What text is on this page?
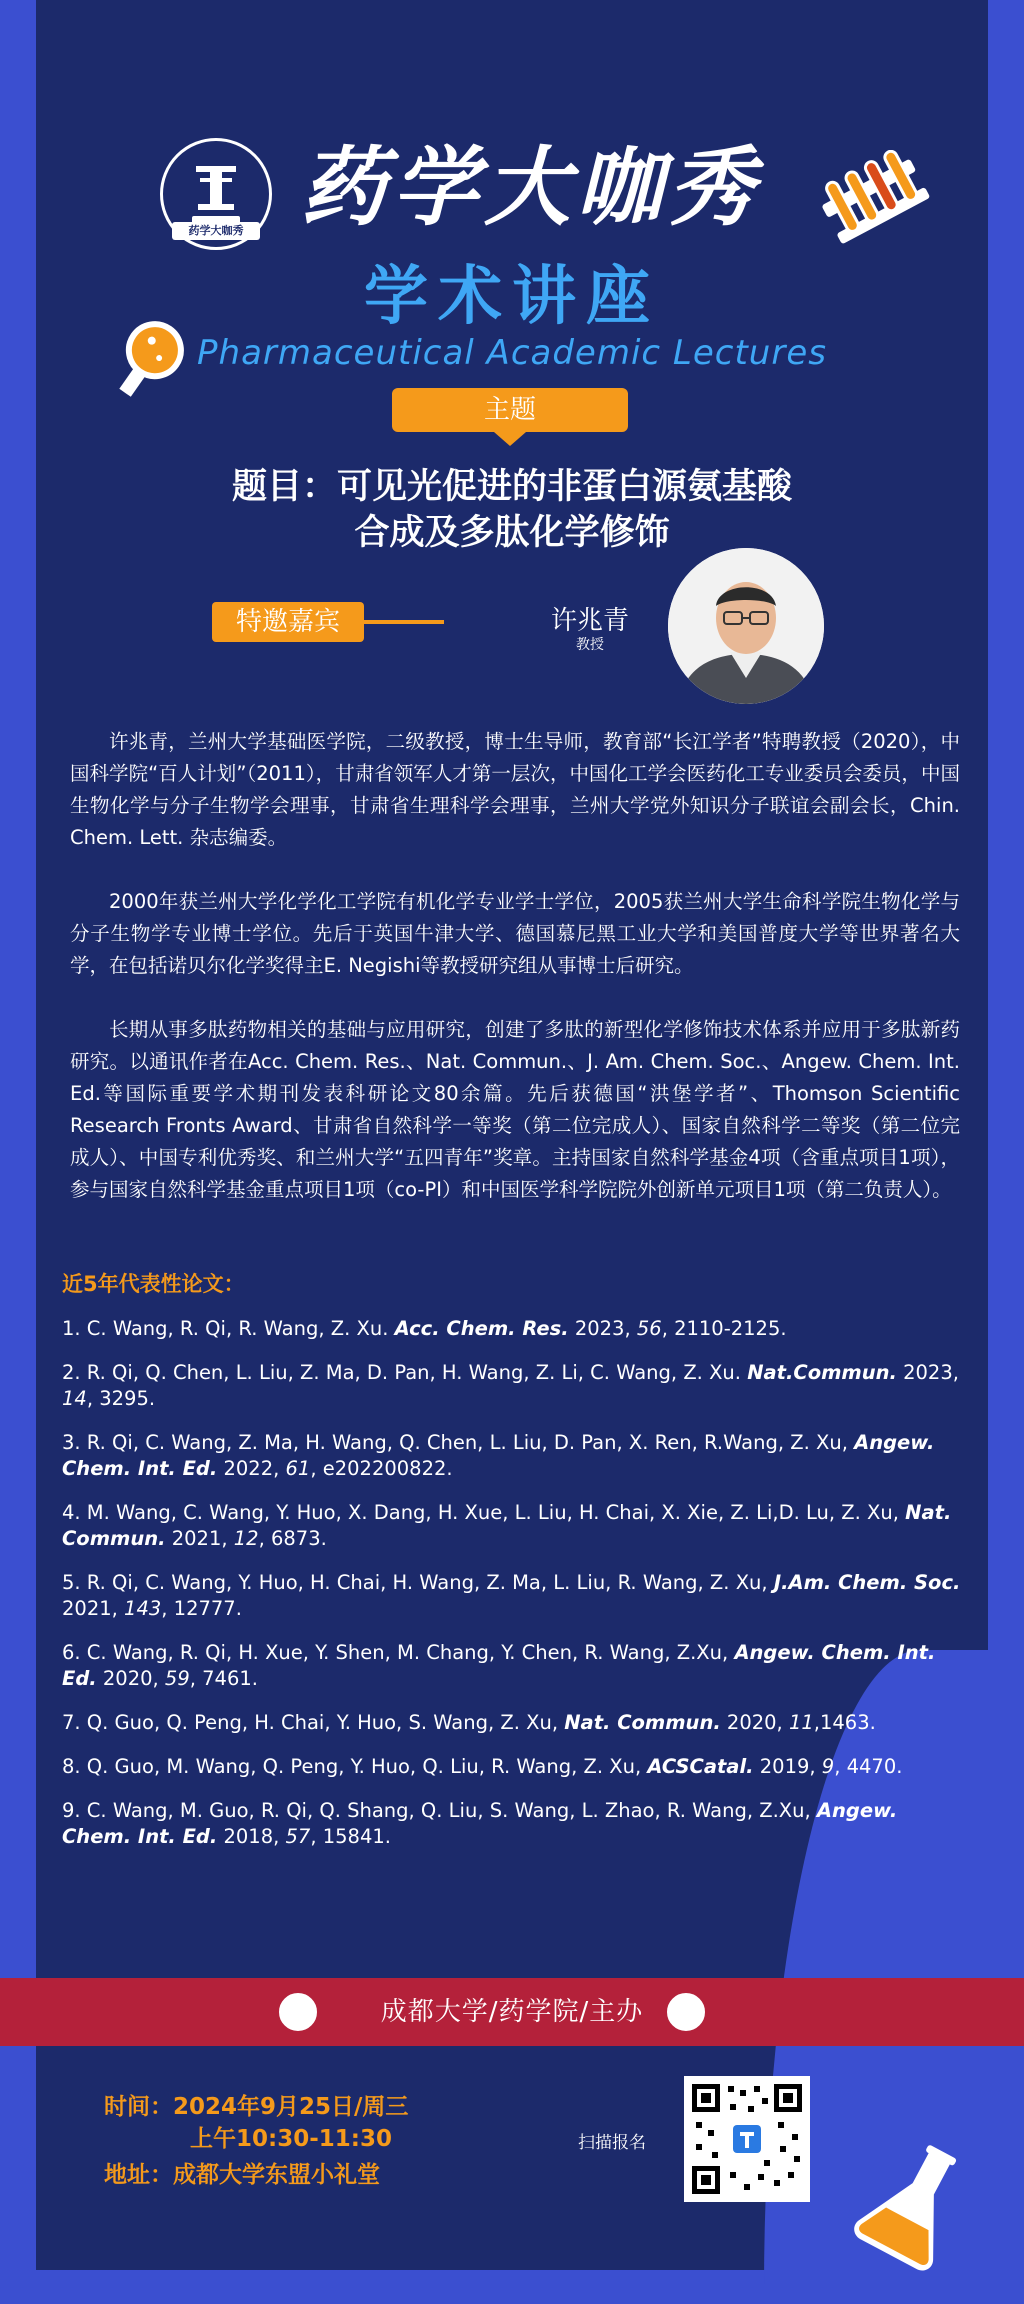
药学大咖秀 药学大咖秀
学术讲座
Pharmaceutical Academic Lectures
主题
题目：可见光促进的非蛋白源氨基酸
合成及多肽化学修饰
特邀嘉宾	许兆青
教授

许兆青，兰州大学基础医学院，二级教授，博士生导师，教育部“长江学者”特聘教授（2020），中国科学院“百人计划”（2011），甘肃省领军人才第一层次，中国化工学会医药化工专业委员会委员，中国生物化学与分子生物学会理事，甘肃省生理科学会理事，兰州大学党外知识分子联谊会副会长，Chin. Chem. Lett. 杂志编委。

2000年获兰州大学化学化工学院有机化学专业学士学位，2005获兰州大学生命科学院生物化学与分子生物学专业博士学位。先后于英国牛津大学、德国慕尼黑工业大学和美国普度大学等世界著名大学，在包括诺贝尔化学奖得主E. Negishi等教授研究组从事博士后研究。

长期从事多肽药物相关的基础与应用研究，创建了多肽的新型化学修饰技术体系并应用于多肽新药研究。以通讯作者在Acc. Chem. Res.、Nat. Commun.、J. Am. Chem. Soc.、Angew. Chem. Int. Ed.等国际重要学术期刊发表科研论文80余篇。先后获德国“洪堡学者”、Thomson Scientific Research Fronts Award、甘肃省自然科学一等奖（第二位完成人）、国家自然科学二等奖（第二位完成人）、中国专利优秀奖、和兰州大学“五四青年”奖章。主持国家自然科学基金4项（含重点项目1项），参与国家自然科学基金重点项目1项（co-PI）和中国医学科学院院外创新单元项目1项（第二负责人）。

近5年代表性论文：
1. C. Wang, R. Qi, R. Wang, Z. Xu. Acc. Chem. Res. 2023, 56, 2110-2125.
2. R. Qi, Q. Chen, L. Liu, Z. Ma, D. Pan, H. Wang, Z. Li, C. Wang, Z. Xu. Nat.Commun. 2023, 14, 3295.
3. R. Qi, C. Wang, Z. Ma, H. Wang, Q. Chen, L. Liu, D. Pan, X. Ren, R.Wang, Z. Xu, Angew. Chem. Int. Ed. 2022, 61, e202200822.
4. M. Wang, C. Wang, Y. Huo, X. Dang, H. Xue, L. Liu, H. Chai, X. Xie, Z. Li,D. Lu, Z. Xu, Nat. Commun. 2021, 12, 6873.
5. R. Qi, C. Wang, Y. Huo, H. Chai, H. Wang, Z. Ma, L. Liu, R. Wang, Z. Xu, J.Am. Chem. Soc. 2021, 143, 12777.
6. C. Wang, R. Qi, H. Xue, Y. Shen, M. Chang, Y. Chen, R. Wang, Z.Xu, Angew. Chem. Int. Ed. 2020, 59, 7461.
7. Q. Guo, Q. Peng, H. Chai, Y. Huo, S. Wang, Z. Xu, Nat. Commun. 2020, 11,1463.
8. Q. Guo, M. Wang, Q. Peng, Y. Huo, Q. Liu, R. Wang, Z. Xu, ACSCatal. 2019, 9, 4470.
9. C. Wang, M. Guo, R. Qi, Q. Shang, Q. Liu, S. Wang, L. Zhao, R. Wang, Z.Xu, Angew. Chem. Int. Ed. 2018, 57, 15841.
成都大学/药学院/主办
时间：2024年9月25日/周三
上午10:30-11:30
地址：成都大学东盟小礼堂
扫描报名
